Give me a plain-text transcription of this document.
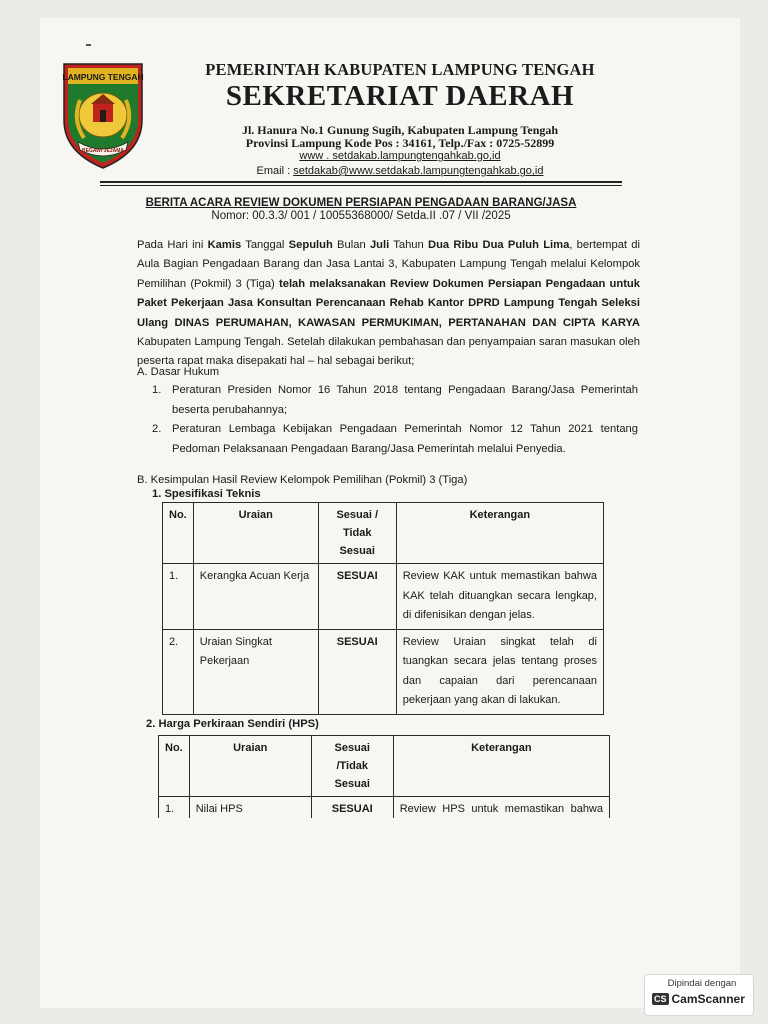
LAMPUNG TENGAH
BEGAWI JEJAMA
PEMERINTAH KABUPATEN LAMPUNG TENGAH
SEKRETARIAT DAERAH
Jl. Hanura No.1 Gunung Sugih, Kabupaten Lampung Tengah
Provinsi Lampung Kode Pos : 34161, Telp./Fax : 0725-52899
www . setdakab.lampungtengahkab.go,id
Email : setdakab@www.setdakab.lampungtengahkab.go,id
BERITA ACARA REVIEW DOKUMEN PERSIAPAN PENGADAAN BARANG/JASA
Nomor: 00.3.3/ 001 / 10055368000/ Setda.II .07 / VII /2025
Pada Hari ini Kamis Tanggal Sepuluh Bulan Juli Tahun Dua Ribu Dua Puluh Lima, bertempat di Aula Bagian Pengadaan Barang dan Jasa Lantai 3, Kabupaten Lampung Tengah melalui Kelompok Pemilihan (Pokmil) 3 (Tiga) telah melaksanakan Review Dokumen Persiapan Pengadaan untuk Paket Pekerjaan Jasa Konsultan Perencanaan Rehab Kantor DPRD Lampung Tengah Seleksi Ulang DINAS PERUMAHAN, KAWASAN PERMUKIMAN, PERTANAHAN DAN CIPTA KARYA Kabupaten Lampung Tengah. Setelah dilakukan pembahasan dan penyampaian saran masukan oleh peserta rapat maka disepakati hal – hal sebagai berikut;
A. Dasar Hukum
1. Peraturan Presiden Nomor 16 Tahun 2018 tentang Pengadaan Barang/Jasa Pemerintah beserta perubahannya;
2. Peraturan Lembaga Kebijakan Pengadaan Pemerintah Nomor 12 Tahun 2021 tentang Pedoman Pelaksanaan Pengadaan Barang/Jasa Pemerintah melalui Penyedia.
B. Kesimpulan Hasil Review Kelompok Pemilihan (Pokmil) 3 (Tiga)
1. Spesifikasi Teknis
No.	Uraian	Sesuai / Tidak Sesuai	Keterangan
1.	Kerangka Acuan Kerja	SESUAI	Review KAK untuk memastikan bahwa KAK telah dituangkan secara lengkap, di difenisikan dengan jelas.
2.	Uraian Singkat Pekerjaan	SESUAI	Review Uraian singkat telah di tuangkan secara jelas tentang proses dan capaian dari perencanaan pekerjaan yang akan di lakukan.
2. Harga Perkiraan Sendiri (HPS)
No.	Uraian	Sesuai /Tidak Sesuai	Keterangan
1.	Nilai HPS	SESUAI	Review HPS untuk memastikan bahwa
Dipindai dengan
CS CamScanner
